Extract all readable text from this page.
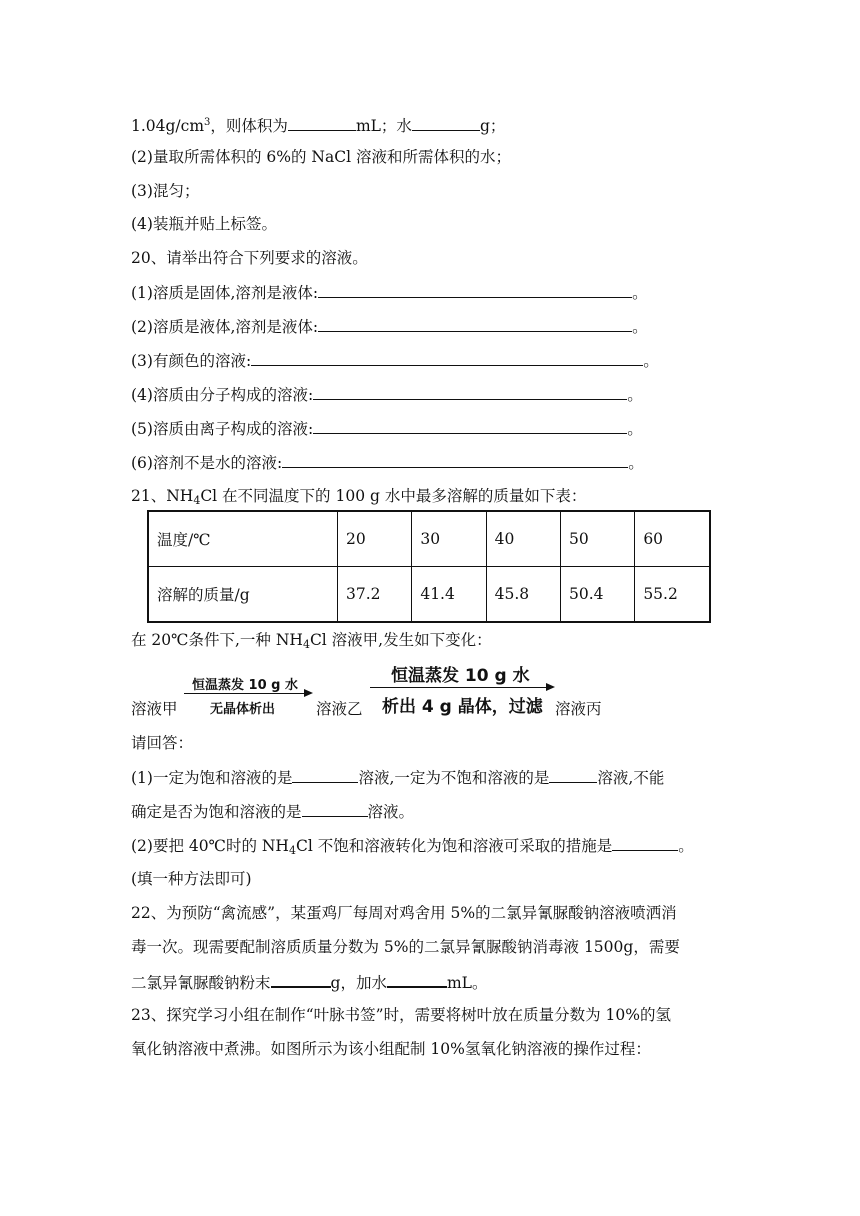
$1.04g/cm^3$，则体积为	mL；水	g；
(2)量取所需体积的 6%的 NaCl 溶液和所需体积的水；
(3)混匀；
(4)装瓶并贴上标签。
20、请举出符合下列要求的溶液。
(1)溶质是固体,溶剂是液体:	。
(2)溶质是液体,溶剂是液体:	。
(3)有颜色的溶液:	。
(4)溶质由分子构成的溶液:	。
(5)溶质由离子构成的溶液:	。
(6)溶剂不是水的溶液:	。
21、$NH_4Cl$ 在不同温度下的 100 g 水中最多溶解的质量如下表：
温度/℃	20	30	40	50	60
溶解的质量/g	37.2	41.4	45.8	50.4	55.2
在 20℃条件下,一种 $NH_4Cl$ 溶液甲,发生如下变化：
溶液甲
恒温蒸发 10 g 水
无晶体析出	溶液乙
恒温蒸发 10 g 水
析出 4 g 晶体，过滤 溶液丙
请回答：
(1)一定为饱和溶液的是	溶液,一定为不饱和溶液的是	溶液,不能
确定是否为饱和溶液的是	溶液。
(2)要把 40℃时的 $NH_4Cl$ 不饱和溶液转化为饱和溶液可采取的措施是	。
(填一种方法即可)
22、为预防“禽流感”，某蛋鸡厂每周对鸡舍用 5%的二氯异氰脲酸钠溶液喷洒消
毒一次。现需要配制溶质质量分数为 5%的二氯异氰脲酸钠消毒液 1500g，需要
二氯异氰脲酸钠粉末	g，加水	mL。
23、探究学习小组在制作“叶脉书签”时，需要将树叶放在质量分数为 10%的氢
氧化钠溶液中煮沸。如图所示为该小组配制 10%氢氧化钠溶液的操作过程：
